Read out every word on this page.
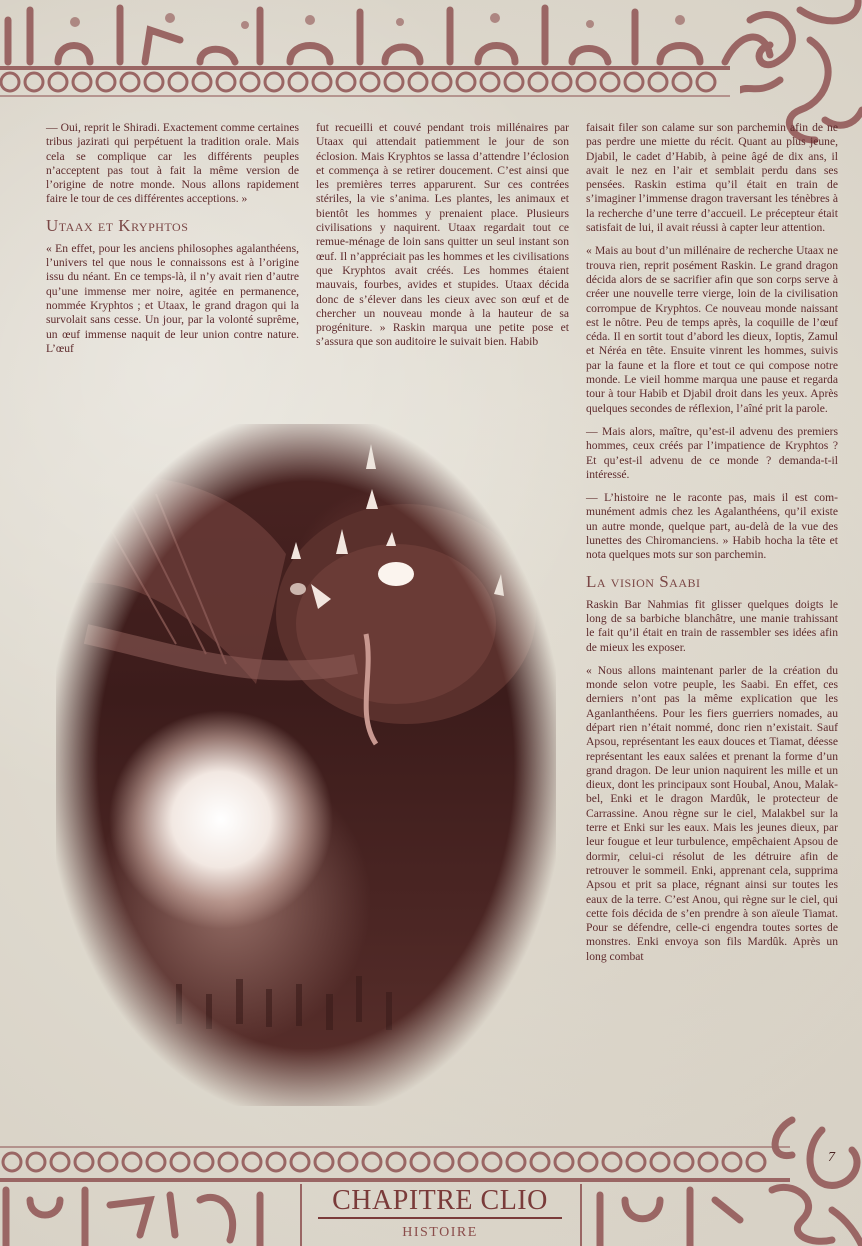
— Oui, reprit le Shiradi. Exactement comme certaines tribus jazirati qui perpétuent la tradition orale. Mais cela se complique car les différents peuples n’acceptent pas tout à fait la même version de l’origine de notre monde. Nous allons rapidement faire le tour de ces différentes acceptions. »

Utaax et Kryphtos

« En effet, pour les anciens philosophes agalanthéens, l’univers tel que nous le connaissons est à l’origine issu du néant. En ce temps-là, il n’y avait rien d’autre qu’une immense mer noire, agitée en permanence, nommée Kryphtos ; et Utaax, le grand dragon qui la survolait sans cesse. Un jour, par la volonté suprême, un œuf immense naquit de leur union contre nature. L’œuf

fut recueilli et couvé pendant trois millénaires par Utaax qui attendait patiemment le jour de son éclosion. Mais Kryphtos se lassa d’attendre l’éclosion et commença à se retirer doucement. C’est ainsi que les premières terres apparurent. Sur ces contrées stériles, la vie s’anima. Les plantes, les animaux et bientôt les hommes y prenaient place. Plusieurs civilisations y naquirent. Utaax regardait tout ce remue-ménage de loin sans quitter un seul instant son œuf. Il n’appréciait pas les hommes et les civilisations que Kryphtos avait créés. Les hommes étaient mauvais, fourbes, avides et stupides. Utaax décida donc de s’élever dans les cieux avec son œuf et de chercher un nouveau monde à la hauteur de sa progéniture. » Raskin marqua une petite pose et s’assura que son auditoire le suivait bien. Habib

faisait filer son calame sur son parchemin afin de ne pas perdre une miette du récit. Quant au plus jeune, Djabil, le cadet d’Habib, à peine âgé de dix ans, il avait le nez en l’air et semblait perdu dans ses pensées. Raskin estima qu’il était en train de s’imaginer l’immense dragon traversant les ténèbres à la recherche d’une terre d’accueil. Le précepteur était satisfait de lui, il avait réussi à capter leur attention.

« Mais au bout d’un millénaire de recherche Utaax ne trouva rien, reprit posément Raskin. Le grand dragon décida alors de se sacrifier afin que son corps serve à créer une nouvelle terre vierge, loin de la civilisation corrompue de Kryphtos. Ce nouveau monde naissant est le nôtre. Peu de temps après, la coquille de l’œuf céda. Il en sortit tout d’abord les dieux, Ioptis, Zamul et Néréa en tête. Ensuite vinrent les hommes, suivis par la faune et la flore et tout ce qui compose notre monde. Le vieil homme marqua une pause et regarda tour à tour Habib et Djabil droit dans les yeux. Après quelques secondes de réflexion, l’aîné prit la parole.

— Mais alors, maître, qu’est-il advenu des premiers hommes, ceux créés par l’impatience de Kryphtos ? Et qu’est-il advenu de ce monde ? demanda-t-il intéressé.

— L’histoire ne le raconte pas, mais il est communément admis chez les Agalanthéens, qu’il existe un autre monde, quelque part, au-delà de la vue des lunettes des Chiromanciens. » Habib hocha la tête et nota quelques mots sur son parchemin.

La vision Saabi

Raskin Bar Nahmias fit glisser quelques doigts le long de sa barbiche blanchâtre, une manie trahissant le fait qu’il était en train de rassembler ses idées afin de mieux les exposer.

« Nous allons maintenant parler de la création du monde selon votre peuple, les Saabi. En effet, ces derniers n’ont pas la même explication que les Aganlanthéens. Pour les fiers guerriers nomades, au départ rien n’était nommé, donc rien n’existait. Sauf Apsou, représentant les eaux douces et Tiamat, déesse représentant les eaux salées et prenant la forme d’un grand dragon. De leur union naquirent les mille et un dieux, dont les principaux sont Houbal, Anou, Malakbel, Enki et le dragon Mardûk, le protecteur de Carrassine. Anou règne sur le ciel, Malakbel sur la terre et Enki sur les eaux. Mais les jeunes dieux, par leur fougue et leur turbulence, empêchaient Apsou de dormir, celui-ci résolut de les détruire afin de retrouver le sommeil. Enki, apprenant cela, supprima Apsou et prit sa place, régnant ainsi sur toutes les eaux de la terre. C’est Anou, qui règne sur le ciel, qui cette fois décida de s’en prendre à son aïeule Tiamat. Pour se défendre, celle-ci engendra toutes sortes de monstres. Enki envoya son fils Mardûk. Après un long combat

7
CHAPITRE CLIO
HISTOIRE
